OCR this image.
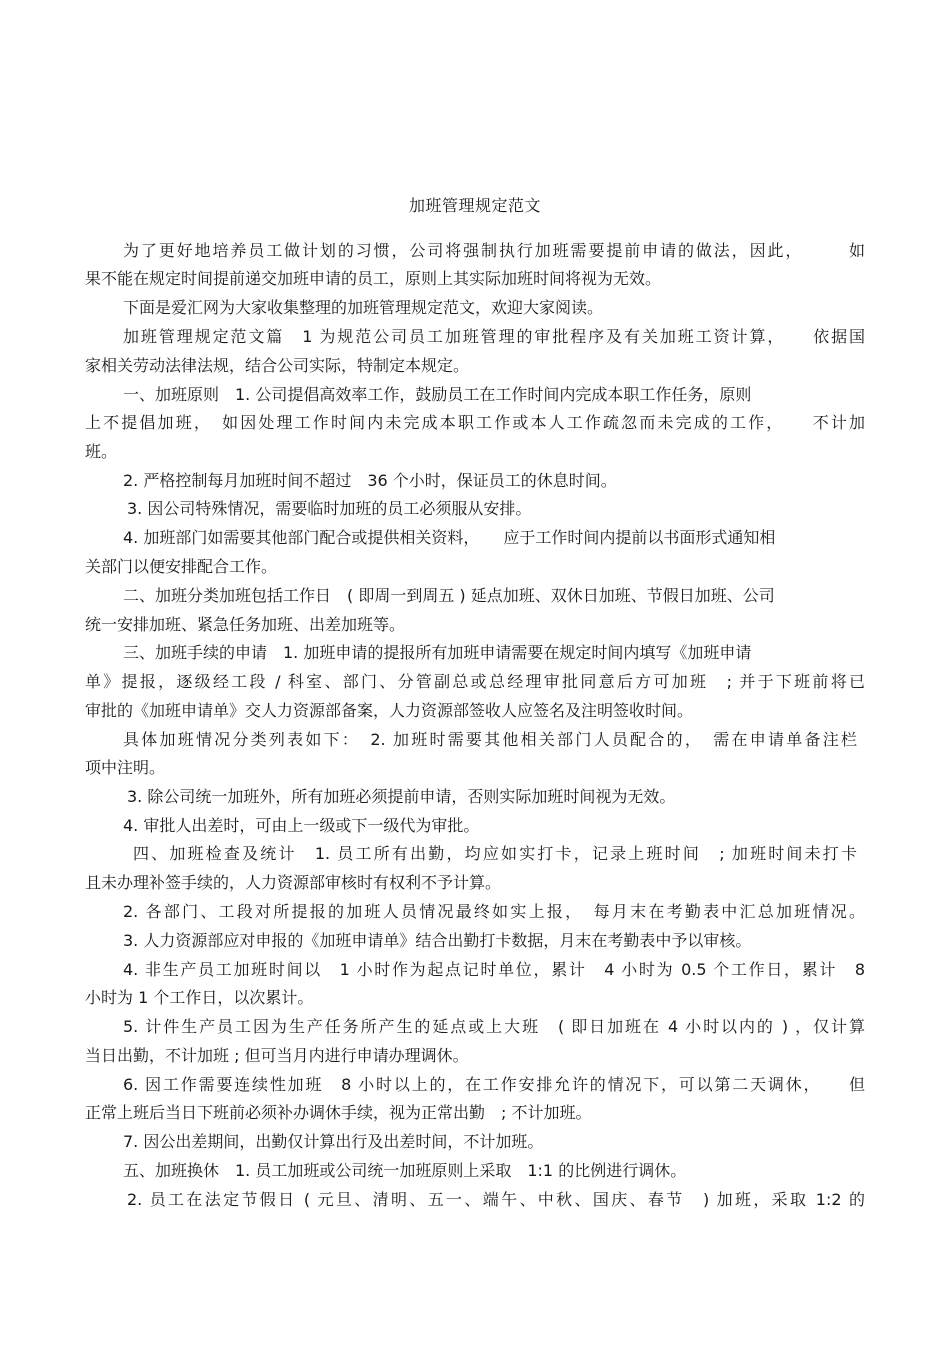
加班管理规定范文
为了更好地培养员工做计划的习惯，公司将强制执行加班需要提前申请的做法，因此，　　　如
果不能在规定时间提前递交加班申请的员工，原则上其实际加班时间将视为无效。
下面是爱汇网为大家收集整理的加班管理规定范文，欢迎大家阅读。
加班管理规定范文篇　1 为规范公司员工加班管理的审批程序及有关加班工资计算，　　依据国
家相关劳动法律法规，结合公司实际，特制定本规定。
一、加班原则　1. 公司提倡高效率工作，鼓励员工在工作时间内完成本职工作任务，原则
上不提倡加班，　如因处理工作时间内未完成本职工作或本人工作疏忽而未完成的工作，　　不计加
班。
2. 严格控制每月加班时间不超过　36 个小时，保证员工的休息时间。
3. 因公司特殊情况，需要临时加班的员工必须服从安排。
4. 加班部门如需要其他部门配合或提供相关资料，　　应于工作时间内提前以书面形式通知相
关部门以便安排配合工作。
二、加班分类加班包括工作日　( 即周一到周五 ) 延点加班、双休日加班、节假日加班、公司
统一安排加班、紧急任务加班、出差加班等。
三、加班手续的申请　1. 加班申请的提报所有加班申请需要在规定时间内填写《加班申请
单》提报，逐级经工段 / 科室、部门、分管副总或总经理审批同意后方可加班　; 并于下班前将已
审批的《加班申请单》交人力资源部备案，人力资源部签收人应签名及注明签收时间。
具体加班情况分类列表如下：　2. 加班时需要其他相关部门人员配合的，　需在申请单备注栏
项中注明。
3. 除公司统一加班外，所有加班必须提前申请，否则实际加班时间视为无效。
4. 审批人出差时，可由上一级或下一级代为审批。
四、加班检查及统计　1. 员工所有出勤，均应如实打卡，记录上班时间　; 加班时间未打卡
且未办理补签手续的，人力资源部审核时有权利不予计算。
2. 各部门、工段对所提报的加班人员情况最终如实上报，　每月末在考勤表中汇总加班情况。
3. 人力资源部应对申报的《加班申请单》结合出勤打卡数据，月末在考勤表中予以审核。
4. 非生产员工加班时间以　1 小时作为起点记时单位，累计　4 小时为 0.5 个工作日，累计　8
小时为 1 个工作日，以次累计。
5. 计件生产员工因为生产任务所产生的延点或上大班　( 即日加班在 4 小时以内的 ) ，仅计算
当日出勤，不计加班 ; 但可当月内进行申请办理调休。
6. 因工作需要连续性加班　8 小时以上的，在工作安排允许的情况下，可以第二天调休，　　但
正常上班后当日下班前必须补办调休手续，视为正常出勤　; 不计加班。
7. 因公出差期间，出勤仅计算出行及出差时间，不计加班。
五、加班换休　1. 员工加班或公司统一加班原则上采取　1:1 的比例进行调休。
2. 员工在法定节假日 ( 元旦、清明、五一、端午、中秋、国庆、春节　) 加班，采取 1:2 的
